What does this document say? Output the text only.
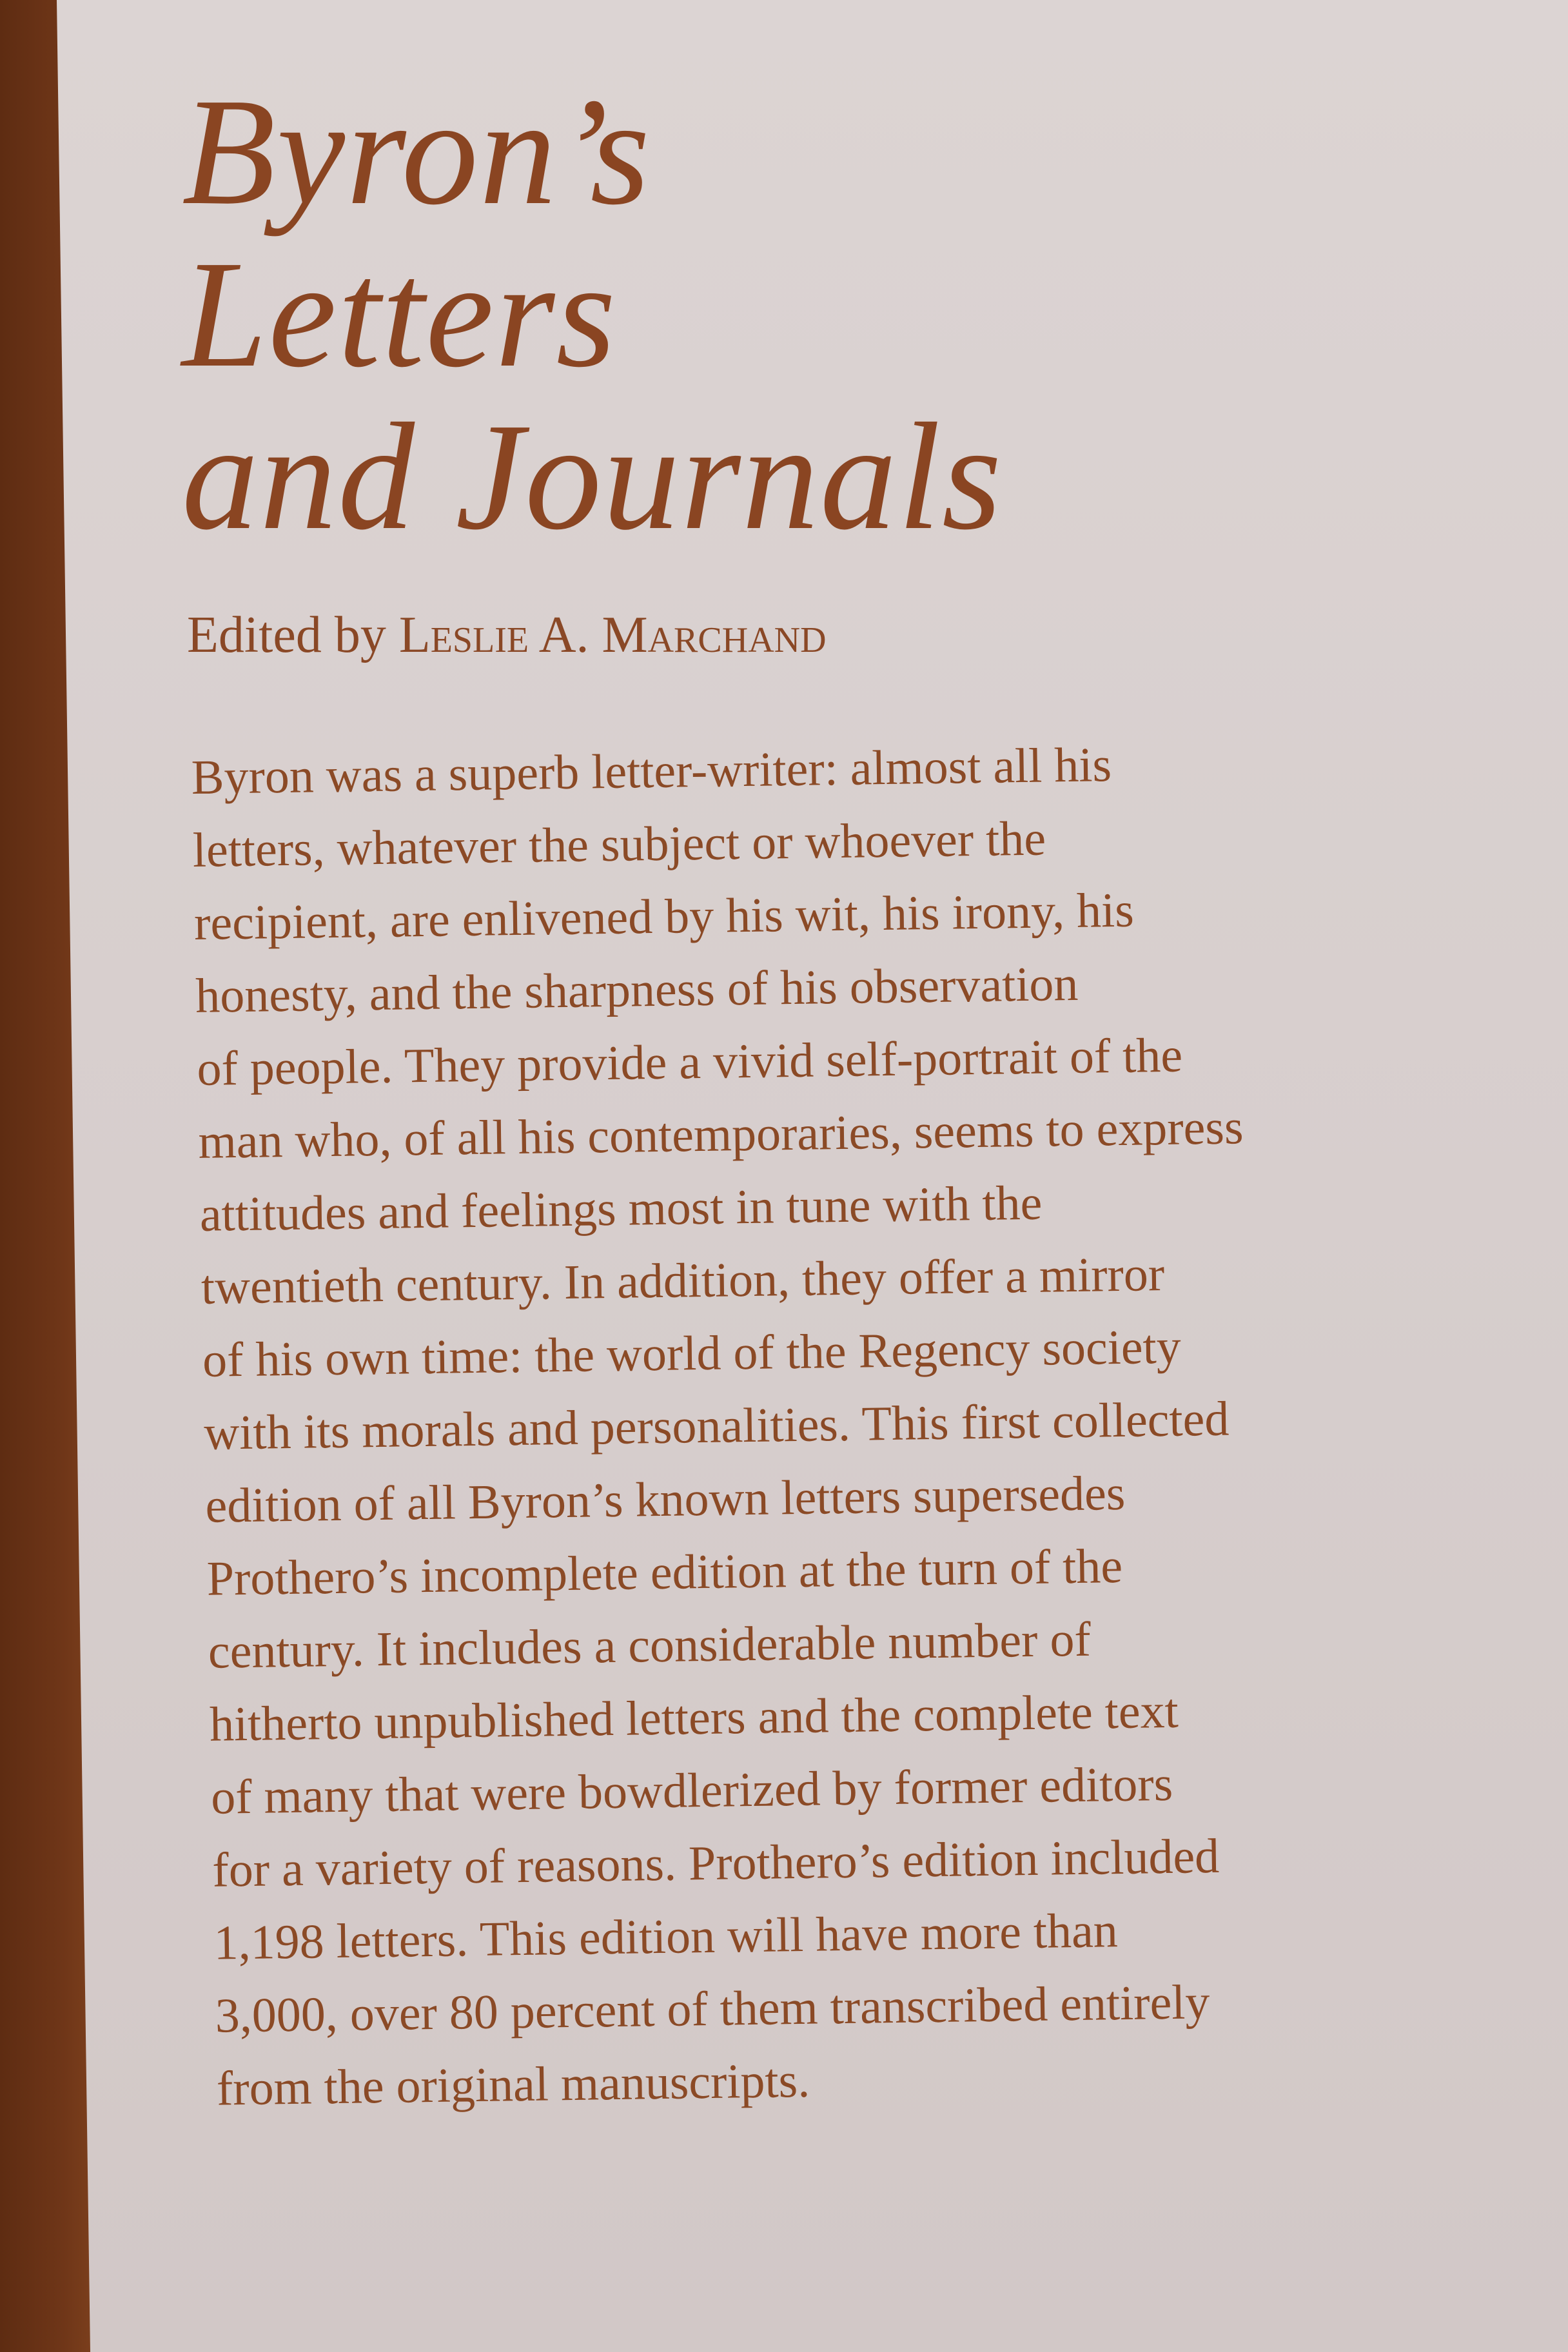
Byron’s
Letters
and Journals
Edited by Leslie A. Marchand
Byron was a superb letter-writer: almost all his
letters, whatever the subject or whoever the
recipient, are enlivened by his wit, his irony, his
honesty, and the sharpness of his observation
of people. They provide a vivid self-portrait of the
man who, of all his contemporaries, seems to express
attitudes and feelings most in tune with the
twentieth century. In addition, they offer a mirror
of his own time: the world of the Regency society
with its morals and personalities. This first collected
edition of all Byron’s known letters supersedes
Prothero’s incomplete edition at the turn of the
century. It includes a considerable number of
hitherto unpublished letters and the complete text
of many that were bowdlerized by former editors
for a variety of reasons. Prothero’s edition included
1,198 letters. This edition will have more than
3,000, over 80 percent of them transcribed entirely
from the original manuscripts.
